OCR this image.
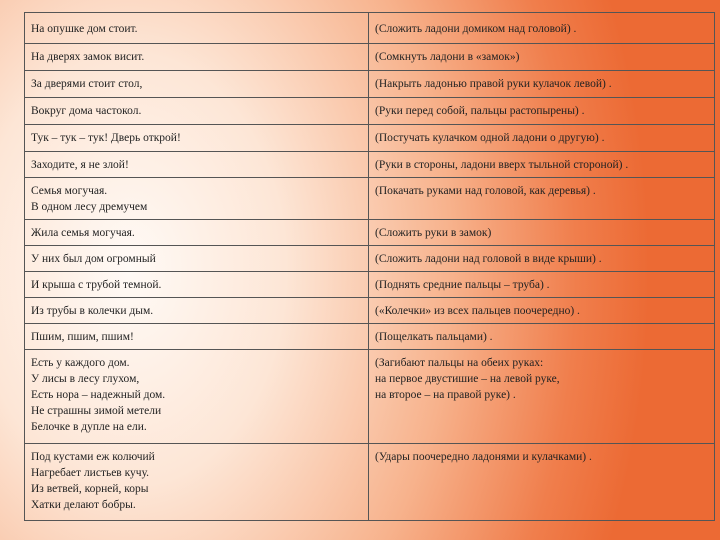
На опушке дом стоит.	(Сложить ладони домиком над головой) .
На дверях замок висит.	(Сомкнуть ладони в «замок»)
За дверями стоит стол,	(Накрыть ладонью правой руки кулачок левой) .
Вокруг дома частокол.	(Руки перед собой, пальцы растопырены) .
Тук – тук – тук! Дверь открой!	(Постучать кулачком одной ладони о другую) .
Заходите, я не злой!	(Руки в стороны, ладони вверх тыльной стороной) .
Семья могучая.
В одном лесу дремучем	(Покачать руками над головой, как деревья) .
Жила семья могучая.	(Сложить руки в замок)
У них был дом огромный	(Сложить ладони над головой в виде крыши) .
И крыша с трубой темной.	(Поднять средние пальцы – труба) .
Из трубы в колечки дым.	(«Колечки» из всех пальцев поочередно) .
Пшим, пшим, пшим!	(Пощелкать пальцами) .
Есть у каждого дом.
У лисы в лесу глухом,
Есть нора – надежный дом.
Не страшны зимой метели
Белочке в дупле на ели.	(Загибают пальцы на обеих руках:
на первое двустишие – на левой руке,
на второе – на правой руке) .
Под кустами еж колючий
Нагребает листьев кучу.
Из ветвей, корней, коры
Хатки делают бобры.	(Удары поочередно ладонями и кулачками) .
